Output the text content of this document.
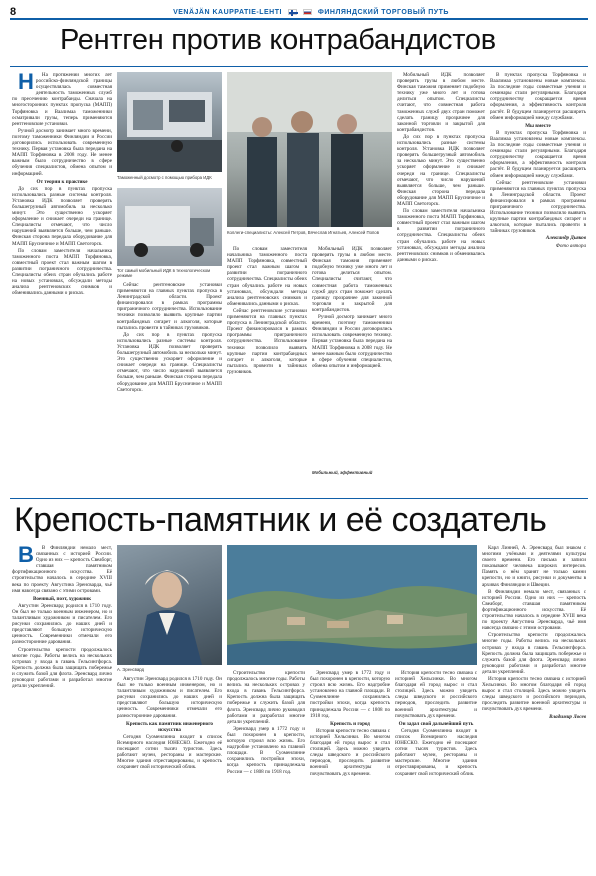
8	VENÄJÄN KAUPPATIE-LEHTI	ФИНЛЯНДСКИЙ ТОРГОВЫЙ ПУТЬ
Рентген против контрабандистов

Н На протяжении многих лет российско-финляндской границы осуществлялась совместная деятельность таможенных служб по пресечению контрабанды. Сначала на многосторонних пунктах пропуска (МАПП) Торфяновка и Ваалимаа таможенники осматривали грузы, теперь применяются рентгеновские установки.

Ручной досмотр занимает много времени, поэтому таможенники Финляндии и России договорились использовать современную технику. Первая установка была передана на МАПП Торфяновка в 2008 году. Не менее важным было сотрудничество в сфере обучения специалистов, обмена опытом и информацией.

От теории к практике

До сих пор в пунктах пропуска использовались разные системы контроля. Установка ИДК позволяет проверять большегрузный автомобиль за несколько минут. Это существенно ускоряет оформление и снижает очереди на границе. Специалисты отмечают, что число нарушений выявляется больше, чем раньше. Финская сторона передала оборудование для МАПП Брусничное и МАПП Светогорск.

По словам заместителя начальника таможенного поста МАПП Торфяновка, совместный проект стал важным шагом в развитии пограничного сотрудничества. Специалисты обеих стран обучались работе на новых установках, обсуждали методы анализа рентгеновских снимков и обменивались данными о рисках.

Таможенный досмотр с помощью прибора ИДК
Коллеги-специалисты: Алексей Петров, Вячеслав Игнатьев, Алексей Попов
Тот самый мобильный ИДК в технологическом режиме

Сейчас рентгеновские установки применяются на главных пунктах пропуска в Ленинградской области. Проект финансировался в рамках программы приграничного сотрудничества. Использование техники позволило выявить крупные партии контрабандных сигарет и алкоголя, которые пытались провезти в тайниках грузовиков.

До сих пор в пунктах пропуска использовались разные системы контроля. Установка ИДК позволяет проверять большегрузный автомобиль за несколько минут. Это существенно ускоряет оформление и снижает очереди на границе. Специалисты отмечают, что число нарушений выявляется больше, чем раньше. Финская сторона передала оборудование для МАПП Брусничное и МАПП Светогорск.

По словам заместителя начальника таможенного поста МАПП Торфяновка, совместный проект стал важным шагом в развитии пограничного сотрудничества. Специалисты обеих стран обучались работе на новых установках, обсуждали методы анализа рентгеновских снимков и обменивались данными о рисках.

Сейчас рентгеновские установки применяются на главных пунктах пропуска в Ленинградской области. Проект финансировался в рамках программы приграничного сотрудничества. Использование техники позволило выявить крупные партии контрабандных сигарет и алкоголя, которые пытались провезти в тайниках грузовиков.

Мобильный ИДК позволяет проверять грузы в любом месте. Финская таможня применяет подобную технику уже много лет и готова делиться опытом. Специалисты считают, что совместная работа таможенных служб двух стран поможет сделать границу прозрачнее для законной торговли и закрытой для контрабандистов.

Ручной досмотр занимает много времени, поэтому таможенники Финляндии и России договорились использовать современную технику. Первая установка была передана на МАПП Торфяновка в 2008 году. Не менее важным было сотрудничество в сфере обучения специалистов, обмена опытом и информацией.

Мобильный, эффективный

Мобильный ИДК позволяет проверять грузы в любом месте. Финская таможня применяет подобную технику уже много лет и готова делиться опытом. Специалисты считают, что совместная работа таможенных служб двух стран поможет сделать границу прозрачнее для законной торговли и закрытой для контрабандистов.

До сих пор в пунктах пропуска использовались разные системы контроля. Установка ИДК позволяет проверять большегрузный автомобиль за несколько минут. Это существенно ускоряет оформление и снижает очереди на границе. Специалисты отмечают, что число нарушений выявляется больше, чем раньше. Финская сторона передала оборудование для МАПП Брусничное и МАПП Светогорск.

По словам заместителя начальника таможенного поста МАПП Торфяновка, совместный проект стал важным шагом в развитии пограничного сотрудничества. Специалисты обеих стран обучались работе на новых установках, обсуждали методы анализа рентгеновских снимков и обменивались данными о рисках.

В пунктах пропуска Торфяновка и Ваалимаа установлены новые комплексы. За последние годы совместные учения и семинары стали регулярными. Благодаря сотрудничеству сокращается время оформления, а эффективность контроля растёт. В будущем планируется расширить обмен информацией между службами.

Мы вместе

В пунктах пропуска Торфяновка и Ваалимаа установлены новые комплексы. За последние годы совместные учения и семинары стали регулярными. Благодаря сотрудничеству сокращается время оформления, а эффективность контроля растёт. В будущем планируется расширить обмен информацией между службами.

Сейчас рентгеновские установки применяются на главных пунктах пропуска в Ленинградской области. Проект финансировался в рамках программы приграничного сотрудничества. Использование техники позволило выявить крупные партии контрабандных сигарет и алкоголя, которые пытались провезти в тайниках грузовиков.

Александр Дьяков

Фото автора

Крепость-памятник и её создатель

В В Финляндии немало мест, связанных с историей России. Одно из них — крепость Свеаборг, ставшая памятником фортификационного искусства. Её строительство началось в середине XVIII века по проекту Августина Эренсварда, чьё имя навсегда связано с этими островами.

Военный, поэт, художник

Августин Эренсвард родился в 1710 году. Он был не только военным инженером, но и талантливым художником и писателем. Его рисунки сохранились до наших дней и представляют большую историческую ценность. Современники отмечали его разносторонние дарования.

Строительство крепости продолжалось многие годы. Работы велись на нескольких островах у входа в гавань Гельсингфорса. Крепость должна была защищать побережье и служить базой для флота. Эренсвард лично руководил работами и разработал многие детали укреплений.

А. Эренсвард

Августин Эренсвард родился в 1710 году. Он был не только военным инженером, но и талантливым художником и писателем. Его рисунки сохранились до наших дней и представляют большую историческую ценность. Современники отмечали его разносторонние дарования.

Крепость как памятник инженерного искусства

Сегодня Суоменлинна входит в список Всемирного наследия ЮНЕСКО. Ежегодно её посещают сотни тысяч туристов. Здесь работают музеи, рестораны и мастерские. Многие здания отреставрированы, и крепость сохраняет свой исторический облик.

Строительство крепости продолжалось многие годы. Работы велись на нескольких островах у входа в гавань Гельсингфорса. Крепость должна была защищать побережье и служить базой для флота. Эренсвард лично руководил работами и разработал многие детали укреплений.

Эренсвард умер в 1772 году и был похоронен в крепости, которую строил всю жизнь. Его надгробие установлено на главной площади. В Суоменлинне сохранились постройки эпохи, когда крепость принадлежала России — с 1808 по 1918 год.

Эренсвард умер в 1772 году и был похоронен в крепости, которую строил всю жизнь. Его надгробие установлено на главной площади. В Суоменлинне сохранились постройки эпохи, когда крепость принадлежала России — с 1808 по 1918 год.

Крепость и город

История крепости тесно связана с историей Хельсинки. Во многом благодаря ей город вырос и стал столицей. Здесь можно увидеть следы шведского и российского периодов, проследить развитие военной архитектуры и почувствовать дух времени.

История крепости тесно связана с историей Хельсинки. Во многом благодаря ей город вырос и стал столицей. Здесь можно увидеть следы шведского и российского периодов, проследить развитие военной архитектуры и почувствовать дух времени.

Он задал свой дальнейший путь

Сегодня Суоменлинна входит в список Всемирного наследия ЮНЕСКО. Ежегодно её посещают сотни тысяч туристов. Здесь работают музеи, рестораны и мастерские. Многие здания отреставрированы, и крепость сохраняет свой исторический облик.

Карл Линней, А. Эренсвард был знаком с многими учёными и деятелями культуры своего времени. Его письма и записи показывают человека широких интересов. Память о нём хранят не только камни крепости, но и книги, рисунки и документы в архивах Финляндии и Швеции.

В Финляндии немало мест, связанных с историей России. Одно из них — крепость Свеаборг, ставшая памятником фортификационного искусства. Её строительство началось в середине XVIII века по проекту Августина Эренсварда, чьё имя навсегда связано с этими островами.

Строительство крепости продолжалось многие годы. Работы велись на нескольких островах у входа в гавань Гельсингфорса. Крепость должна была защищать побережье и служить базой для флота. Эренсвард лично руководил работами и разработал многие детали укреплений.

История крепости тесно связана с историей Хельсинки. Во многом благодаря ей город вырос и стал столицей. Здесь можно увидеть следы шведского и российского периодов, проследить развитие военной архитектуры и почувствовать дух времени.

Владимир Лосев
